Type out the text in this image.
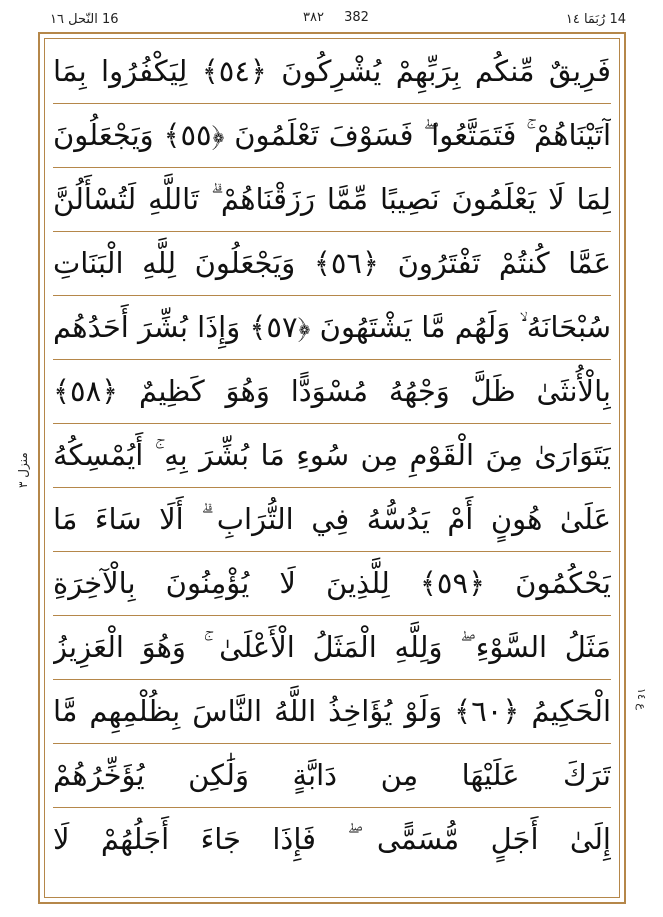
16 النّحل ١٦	٣٨٢ 382	14 رُبَمَا ١٤
منزل ٣
ع ١٤
فَرِيقٌ مِّنكُم بِرَبِّهِمْ يُشْرِكُونَ ﴿٥٤﴾ لِيَكْفُرُوا بِمَا
آتَيْنَاهُمْ ۚ فَتَمَتَّعُوا ۖ فَسَوْفَ تَعْلَمُونَ ﴿٥٥﴾ وَيَجْعَلُونَ
لِمَا لَا يَعْلَمُونَ نَصِيبًا مِّمَّا رَزَقْنَاهُمْ ۗ تَاللَّهِ لَتُسْأَلُنَّ
عَمَّا كُنتُمْ تَفْتَرُونَ ﴿٥٦﴾ وَيَجْعَلُونَ لِلَّهِ الْبَنَاتِ
سُبْحَانَهُ ۙ وَلَهُم مَّا يَشْتَهُونَ ﴿٥٧﴾ وَإِذَا بُشِّرَ أَحَدُهُم
بِالْأُنثَىٰ ظَلَّ وَجْهُهُ مُسْوَدًّا وَهُوَ كَظِيمٌ ﴿٥٨﴾
يَتَوَارَىٰ مِنَ الْقَوْمِ مِن سُوءِ مَا بُشِّرَ بِهِ ۚ أَيُمْسِكُهُ
عَلَىٰ هُونٍ أَمْ يَدُسُّهُ فِي التُّرَابِ ۗ أَلَا سَاءَ مَا
يَحْكُمُونَ ﴿٥٩﴾ لِلَّذِينَ لَا يُؤْمِنُونَ بِالْآخِرَةِ
مَثَلُ السَّوْءِ ۖ وَلِلَّهِ الْمَثَلُ الْأَعْلَىٰ ۚ وَهُوَ الْعَزِيزُ
الْحَكِيمُ ﴿٦٠﴾ وَلَوْ يُؤَاخِذُ اللَّهُ النَّاسَ بِظُلْمِهِم مَّا
تَرَكَ عَلَيْهَا مِن دَابَّةٍ وَلَٰكِن يُؤَخِّرُهُمْ
إِلَىٰ أَجَلٍ مُّسَمًّى ۖ فَإِذَا جَاءَ أَجَلُهُمْ لَا
